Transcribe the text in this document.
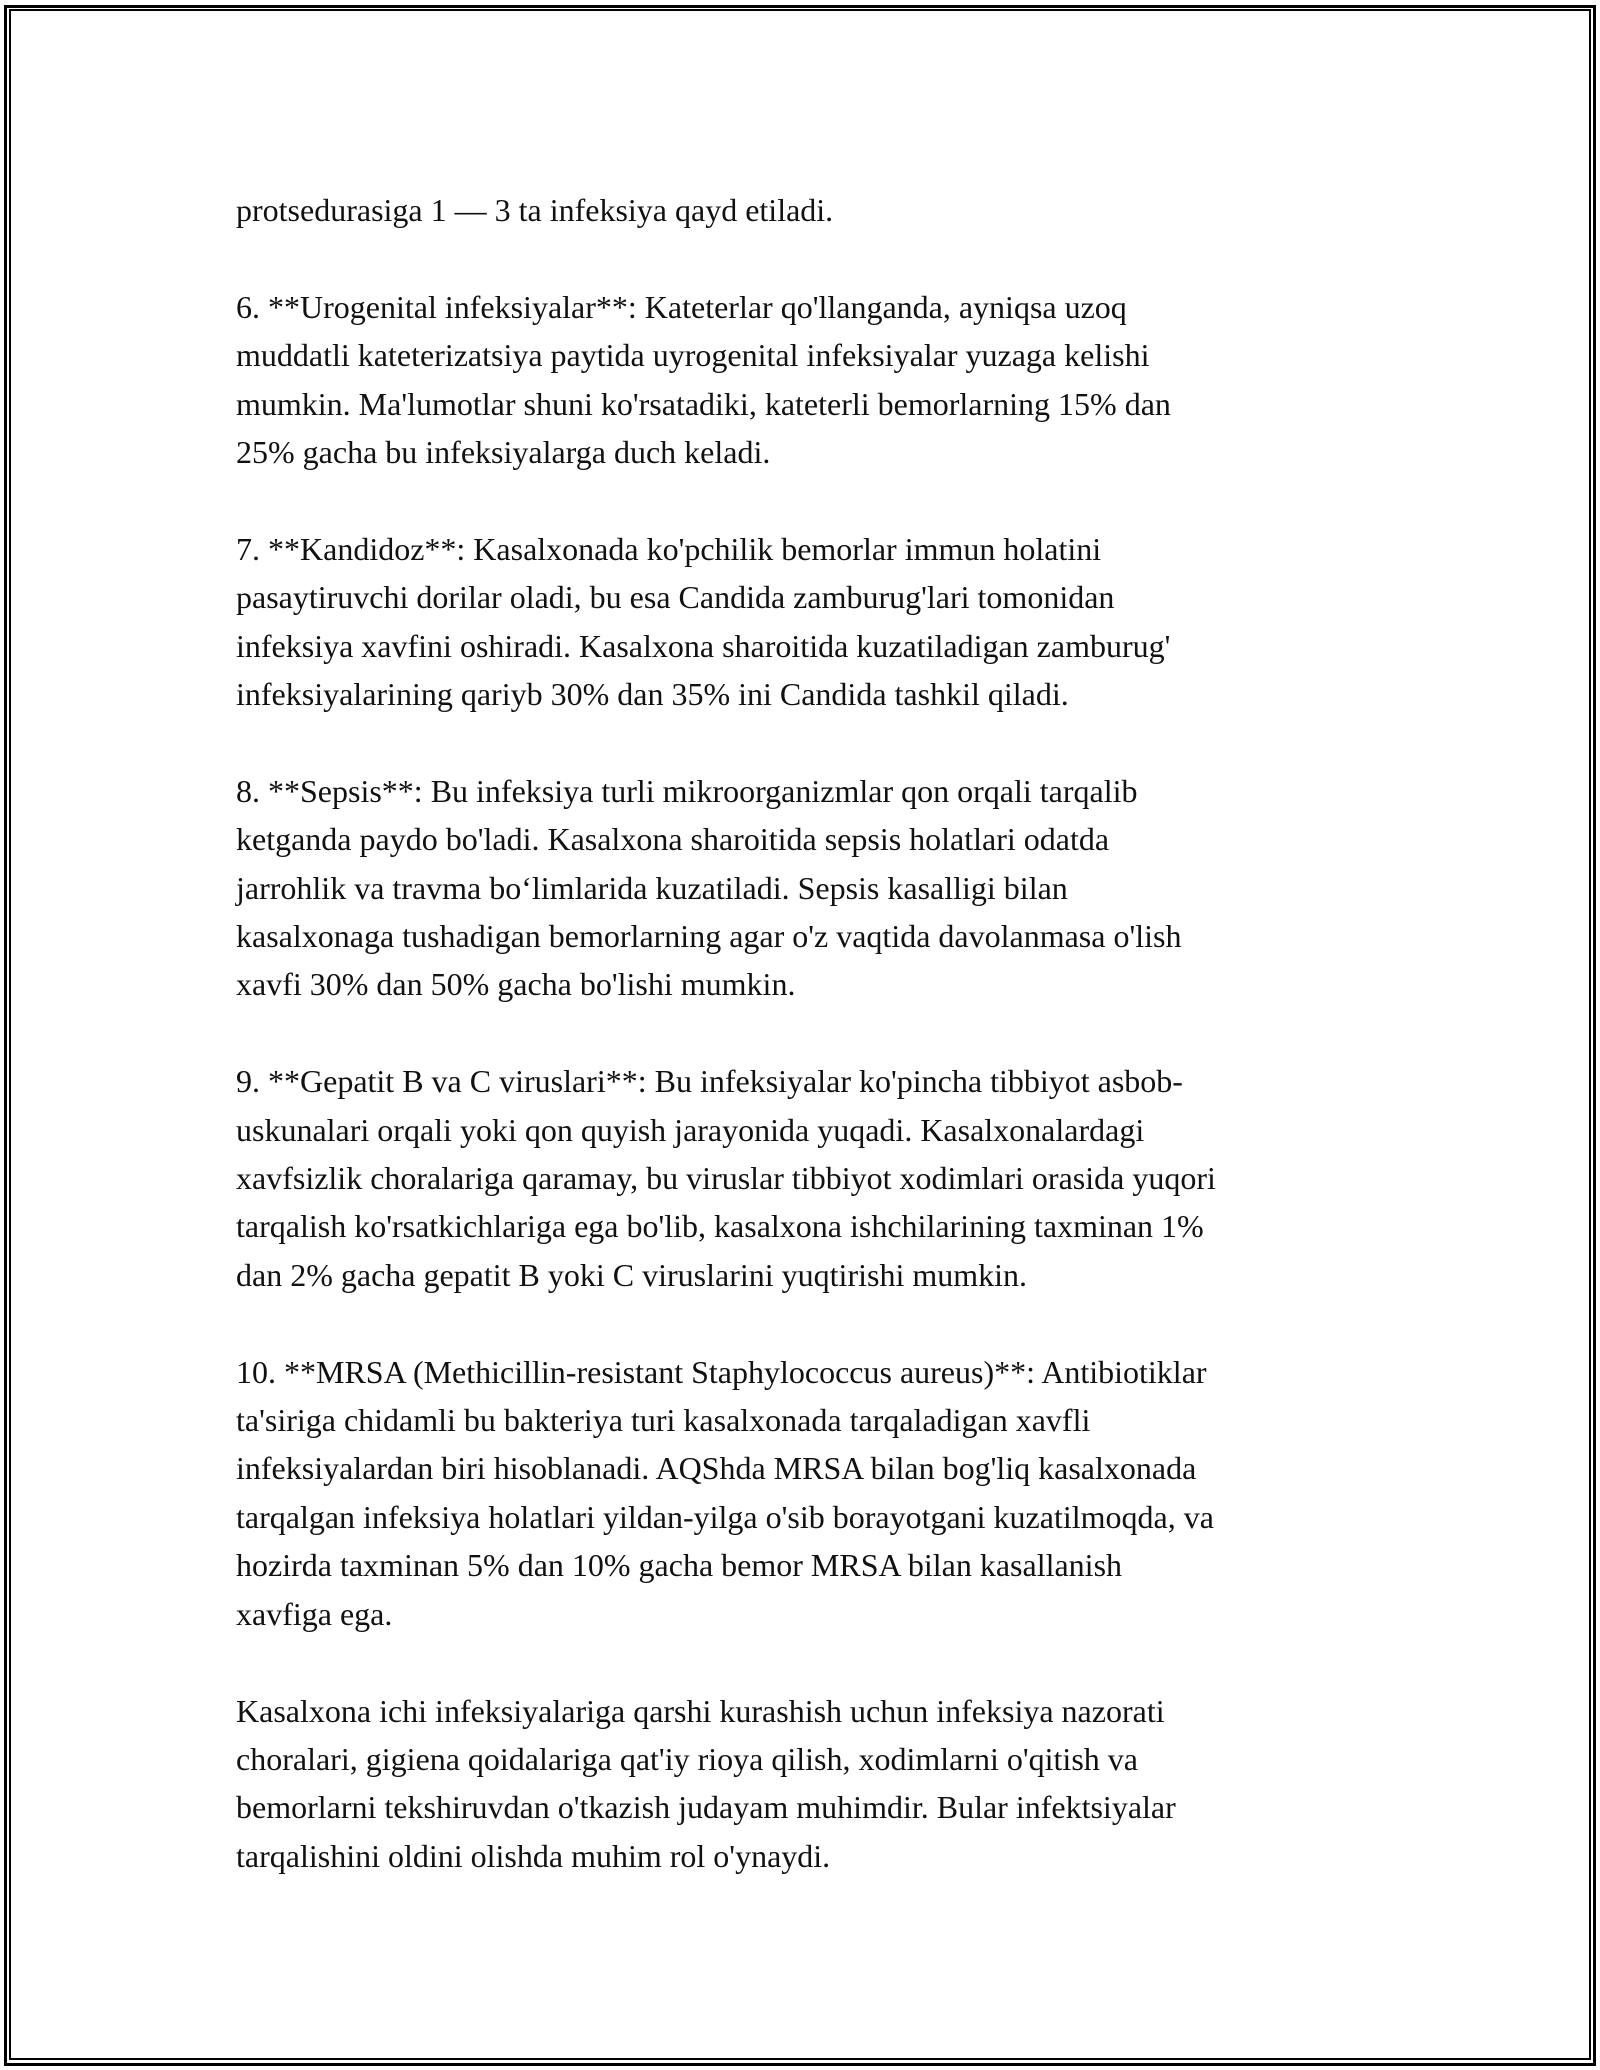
protsedurasiga 1 — 3 ta infeksiya qayd etiladi.

6. **Urogenital infeksiyalar**: Kateterlar qo'llanganda, ayniqsa uzoq
muddatli kateterizatsiya paytida uyrogenital infeksiyalar yuzaga kelishi
mumkin. Ma'lumotlar shuni ko'rsatadiki, kateterli bemorlarning 15% dan
25% gacha bu infeksiyalarga duch keladi.

7. **Kandidoz**: Kasalxonada ko'pchilik bemorlar immun holatini
pasaytiruvchi dorilar oladi, bu esa Candida zamburug'lari tomonidan
infeksiya xavfini oshiradi. Kasalxona sharoitida kuzatiladigan zamburug'
infeksiyalarining qariyb 30% dan 35% ini Candida tashkil qiladi.

8. **Sepsis**: Bu infeksiya turli mikroorganizmlar qon orqali tarqalib
ketganda paydo bo'ladi. Kasalxona sharoitida sepsis holatlari odatda
jarrohlik va travma bo‘limlarida kuzatiladi. Sepsis kasalligi bilan
kasalxonaga tushadigan bemorlarning agar o'z vaqtida davolanmasa o'lish
xavfi 30% dan 50% gacha bo'lishi mumkin.

9. **Gepatit B va C viruslari**: Bu infeksiyalar ko'pincha tibbiyot asbob-
uskunalari orqali yoki qon quyish jarayonida yuqadi. Kasalxonalardagi
xavfsizlik choralariga qaramay, bu viruslar tibbiyot xodimlari orasida yuqori
tarqalish ko'rsatkichlariga ega bo'lib, kasalxona ishchilarining taxminan 1%
dan 2% gacha gepatit B yoki C viruslarini yuqtirishi mumkin.

10. **MRSA (Methicillin-resistant Staphylococcus aureus)**: Antibiotiklar
ta'siriga chidamli bu bakteriya turi kasalxonada tarqaladigan xavfli
infeksiyalardan biri hisoblanadi. AQShda MRSA bilan bog'liq kasalxonada
tarqalgan infeksiya holatlari yildan-yilga o'sib borayotgani kuzatilmoqda, va
hozirda taxminan 5% dan 10% gacha bemor MRSA bilan kasallanish
xavfiga ega.

Kasalxona ichi infeksiyalariga qarshi kurashish uchun infeksiya nazorati
choralari, gigiena qoidalariga qat'iy rioya qilish, xodimlarni o'qitish va
bemorlarni tekshiruvdan o'tkazish judayam muhimdir. Bular infektsiyalar
tarqalishini oldini olishda muhim rol o'ynaydi.
